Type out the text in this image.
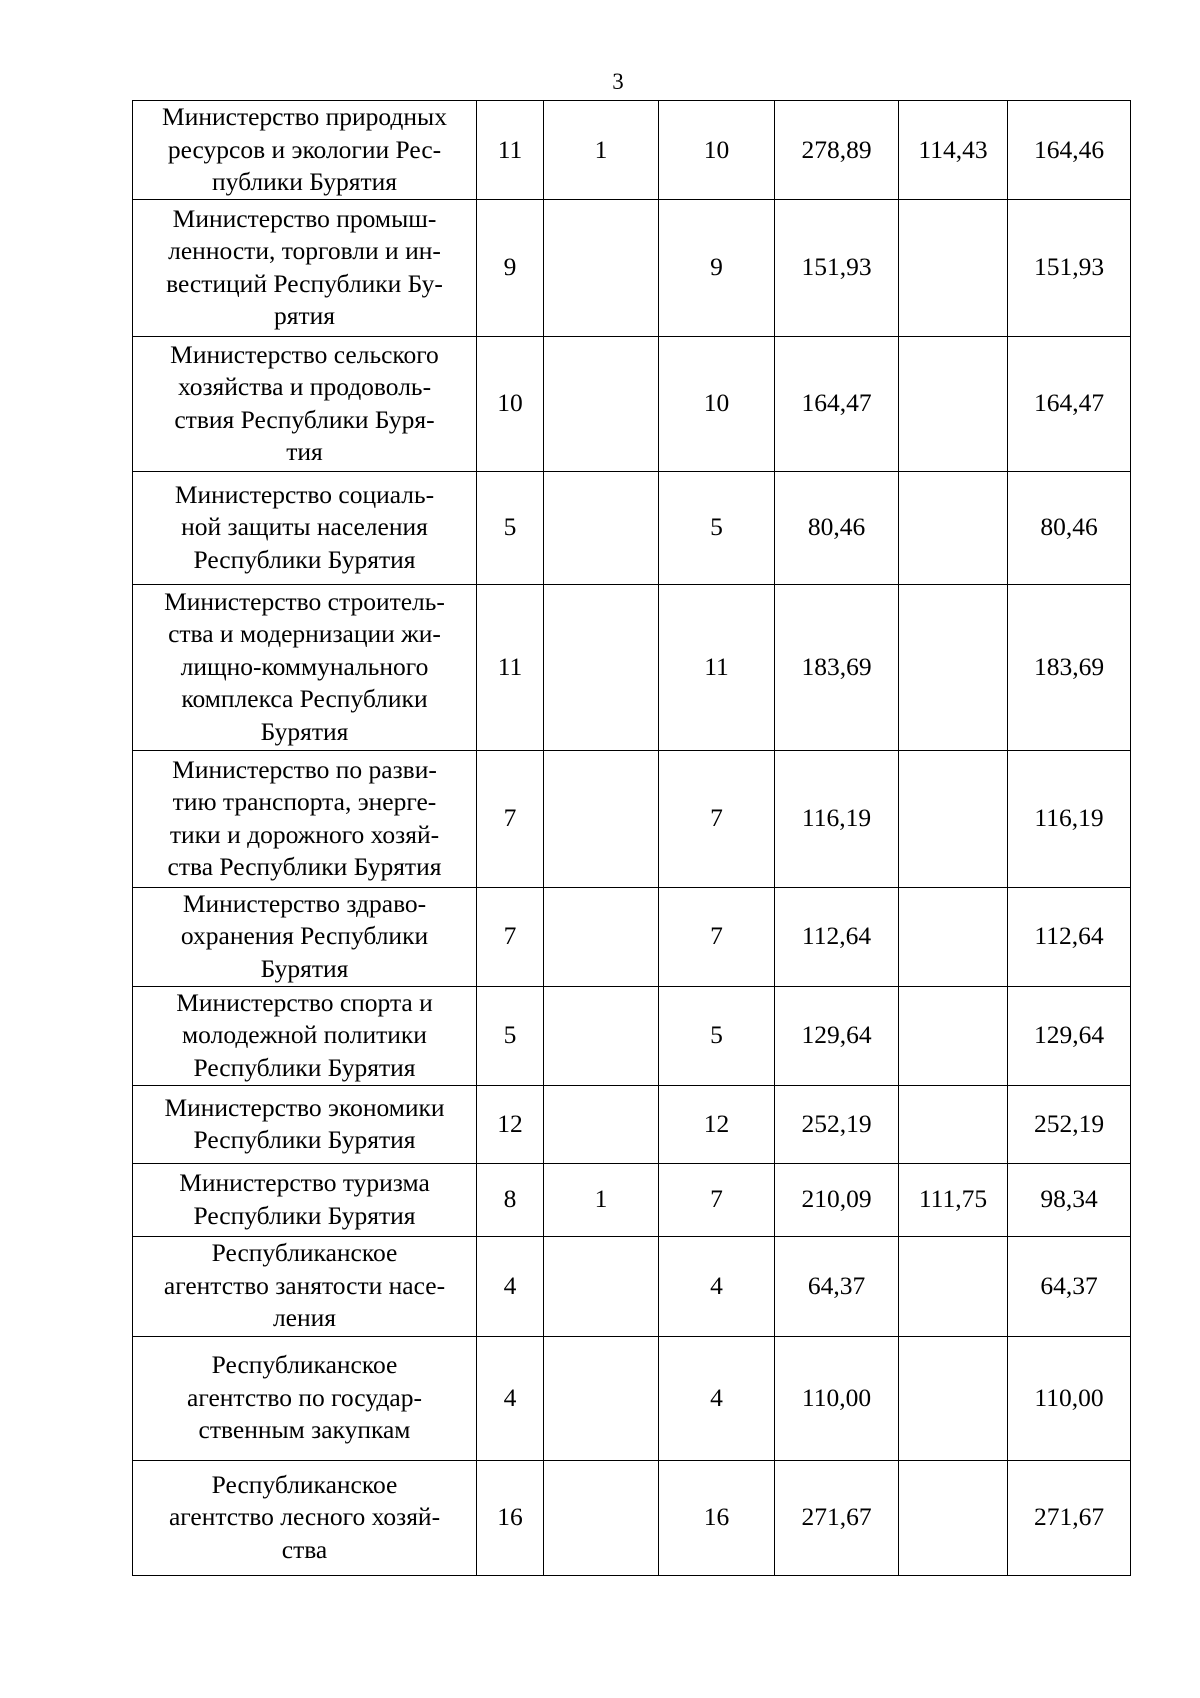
3
Министерство природных
ресурсов и экологии Рес-
публики Бурятия	11	1	10	278,89	114,43	164,46

Министерство промыш-
ленности, торговли и ин-
вестиций Республики Бу-
рятия	9		9	151,93		151,93

Министерство сельского
хозяйства и продоволь-
ствия Республики Буря-
тия	10		10	164,47		164,47

Министерство социаль-
ной защиты населения
Республики Бурятия	5		5	80,46		80,46

Министерство строитель-
ства и модернизации жи-
лищно-коммунального
комплекса Республики
Бурятия	11		11	183,69		183,69

Министерство по разви-
тию транспорта, энерге-
тики и дорожного хозяй-
ства Республики Бурятия	7		7	116,19		116,19

Министерство здраво-
охранения Республики
Бурятия	7		7	112,64		112,64

Министерство спорта и
молодежной политики
Республики Бурятия	5		5	129,64		129,64

Министерство экономики
Республики Бурятия	12		12	252,19		252,19

Министерство туризма
Республики Бурятия	8	1	7	210,09	111,75	98,34

Республиканское
агентство занятости насе-
ления	4		4	64,37		64,37

Республиканское
агентство по государ-
ственным закупкам	4		4	110,00		110,00

Республиканское
агентство лесного хозяй-
ства	16		16	271,67		271,67
